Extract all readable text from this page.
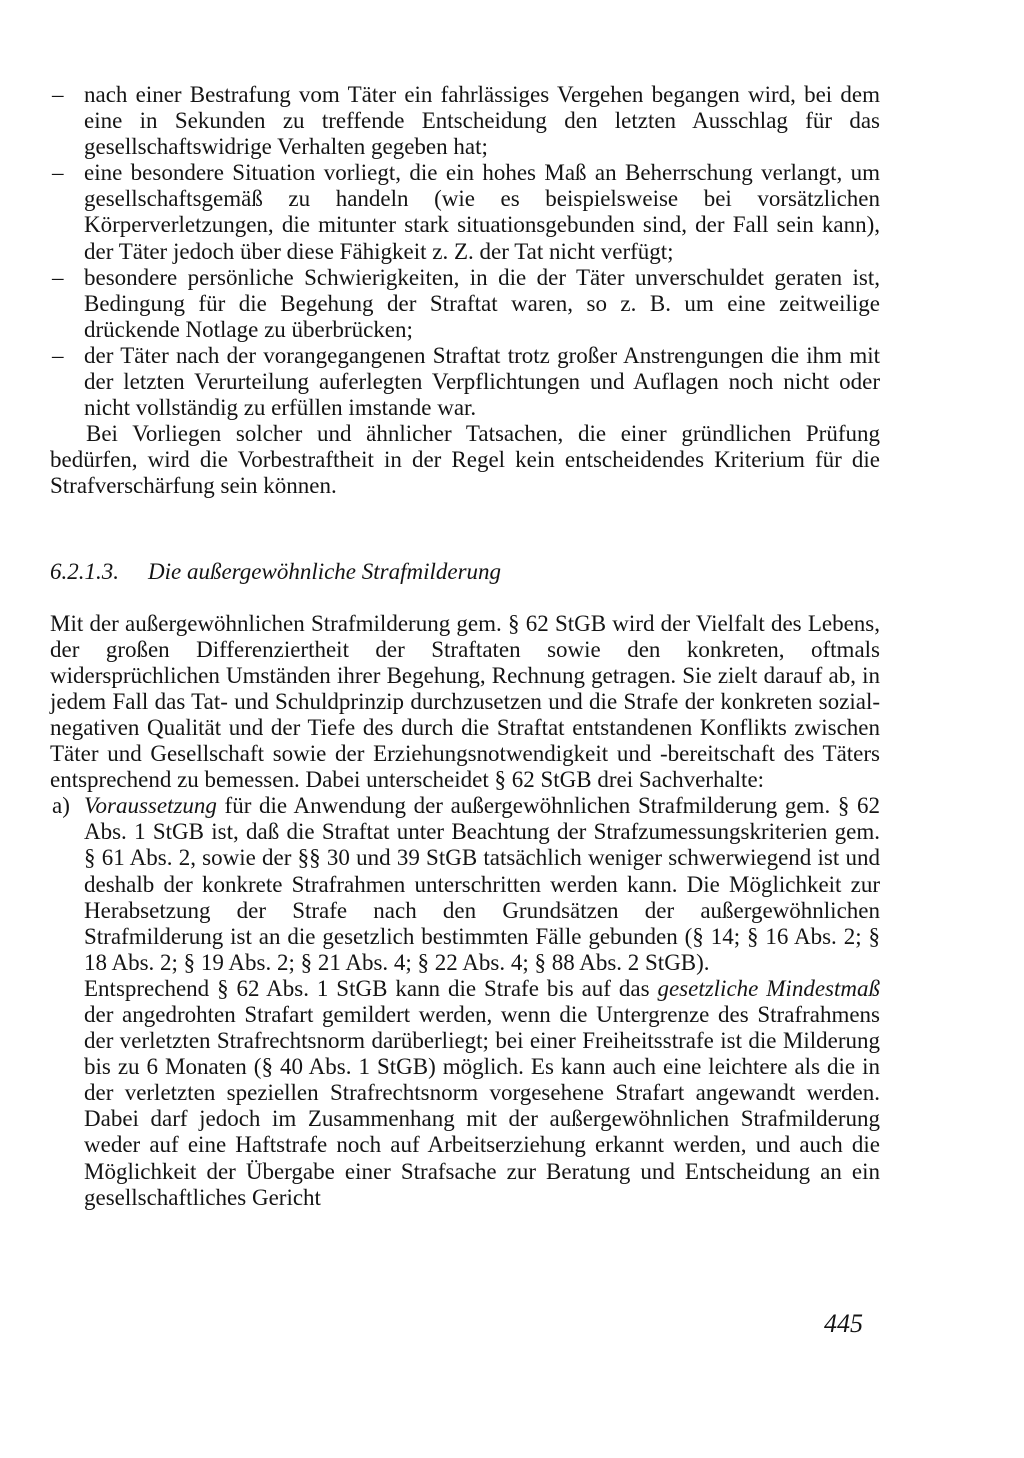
– nach einer Bestrafung vom Täter ein fahrlässiges Vergehen begangen wird, bei dem eine in Sekunden zu treffende Entscheidung den letzten Ausschlag für das gesellschaftswidrige Verhalten gegeben hat;
– eine besondere Situation vorliegt, die ein hohes Maß an Beherrschung verlangt, um gesellschaftsgemäß zu handeln (wie es beispielsweise bei vorsätzlichen Körperverletzungen, die mitunter stark situationsgebunden sind, der Fall sein kann), der Täter jedoch über diese Fähigkeit z. Z. der Tat nicht verfügt;
– besondere persönliche Schwierigkeiten, in die der Täter unverschuldet geraten ist, Bedingung für die Begehung der Straftat waren, so z. B. um eine zeitweilige drückende Notlage zu überbrücken;
– der Täter nach der vorangegangenen Straftat trotz großer Anstrengungen die ihm mit der letzten Verurteilung auferlegten Verpflichtungen und Auflagen noch nicht oder nicht vollständig zu erfüllen imstande war.

Bei Vorliegen solcher und ähnlicher Tatsachen, die einer gründlichen Prüfung bedürfen, wird die Vorbestraftheit in der Regel kein entscheidendes Kriterium für die Strafverschärfung sein können.

6.2.1.3. Die außergewöhnliche Strafmilderung

Mit der außergewöhnlichen Strafmilderung gem. § 62 StGB wird der Vielfalt des Lebens, der großen Differenziertheit der Straftaten sowie den konkreten, oftmals widersprüchlichen Umständen ihrer Begehung, Rechnung getragen. Sie zielt darauf ab, in jedem Fall das Tat- und Schuldprinzip durchzusetzen und die Strafe der konkreten sozial-negativen Qualität und der Tiefe des durch die Straftat entstandenen Konflikts zwischen Täter und Gesellschaft sowie der Erziehungsnotwendigkeit und -bereitschaft des Täters entsprechend zu bemessen. Dabei unterscheidet § 62 StGB drei Sachverhalte:

a) Voraussetzung für die Anwendung der außergewöhnlichen Strafmilderung gem. § 62 Abs. 1 StGB ist, daß die Straftat unter Beachtung der Strafzumessungskriterien gem. § 61 Abs. 2, sowie der §§ 30 und 39 StGB tatsächlich weniger schwerwiegend ist und deshalb der konkrete Strafrahmen unterschritten werden kann. Die Möglichkeit zur Herabsetzung der Strafe nach den Grundsätzen der außergewöhnlichen Strafmilderung ist an die gesetzlich bestimmten Fälle gebunden (§ 14; § 16 Abs. 2; § 18 Abs. 2; § 19 Abs. 2; § 21 Abs. 4; § 22 Abs. 4; § 88 Abs. 2 StGB).

Entsprechend § 62 Abs. 1 StGB kann die Strafe bis auf das gesetzliche Mindestmaß der angedrohten Strafart gemildert werden, wenn die Untergrenze des Strafrahmens der verletzten Strafrechtsnorm darüberliegt; bei einer Freiheitsstrafe ist die Milderung bis zu 6 Monaten (§ 40 Abs. 1 StGB) möglich. Es kann auch eine leichtere als die in der verletzten speziellen Strafrechtsnorm vorgesehene Strafart angewandt werden. Dabei darf jedoch im Zusammenhang mit der außergewöhnlichen Strafmilderung weder auf eine Haftstrafe noch auf Arbeitserziehung erkannt werden, und auch die Möglichkeit der Übergabe einer Strafsache zur Beratung und Entscheidung an ein gesellschaftliches Gericht

445
